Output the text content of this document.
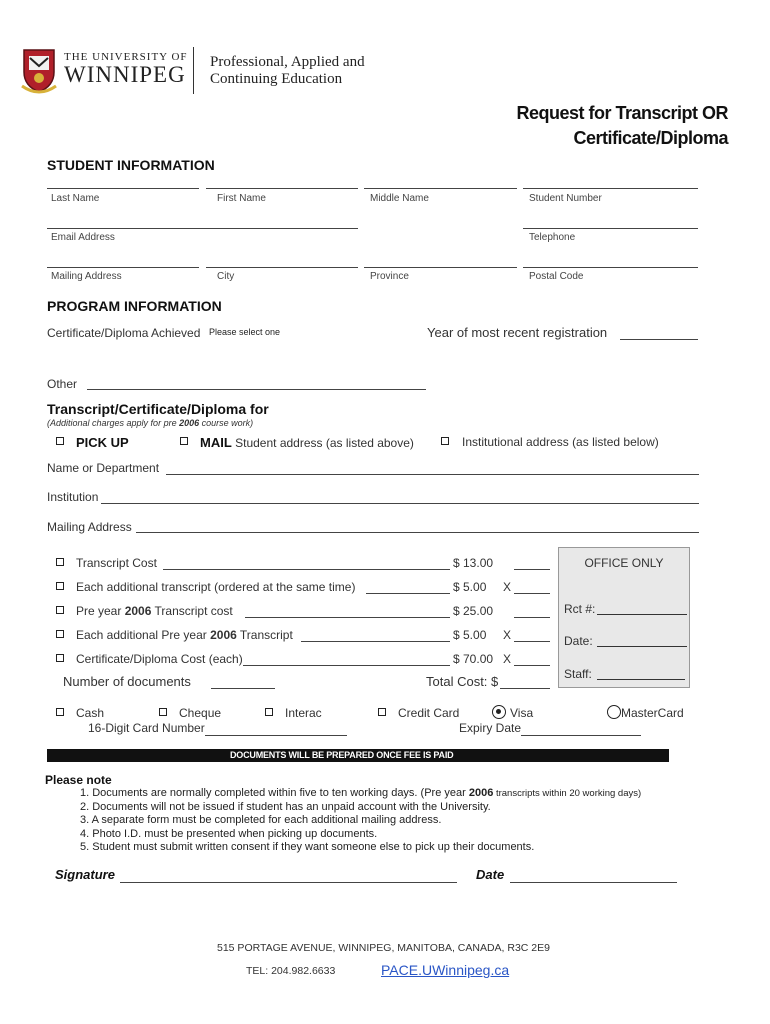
THE UNIVERSITY OF
WINNIPEG Professional, Applied and
Continuing Education
Request for Transcript OR
Certificate/Diploma
STUDENT INFORMATION
Last Name	First Name	Middle Name	Student Number
Email Address	Telephone
Mailing Address	City	Province	Postal Code
PROGRAM INFORMATION
Certificate/Diploma Achieved Please select one	Year of most recent registration
Other
Transcript/Certificate/Diploma for
(Additional charges apply for pre 2006 course work)
PICK UP	MAIL Student address (as listed above)	Institutional address (as listed below)
Name or Department
Institution
Mailing Address
Transcript Cost	$ 13.00
Each additional transcript (ordered at the same time)	$ 5.00 X
Pre year 2006 Transcript cost	$ 25.00
Each additional Pre year 2006 Transcript	$ 5.00 X
Certificate/Diploma Cost (each)	$ 70.00 X
Number of documents	Total Cost: $
OFFICE ONLY
Rct #:
Date:
Staff:
Cash	Cheque	Interac	Credit Card	Visa	MasterCard
16-Digit Card Number	Expiry Date
DOCUMENTS WILL BE PREPARED ONCE FEE IS PAID
Please note
1. Documents are normally completed within five to ten working days. (Pre year 2006 transcripts within 20 working days)
2. Documents will not be issued if student has an unpaid account with the University.
3. A separate form must be completed for each additional mailing address.
4. Photo I.D. must be presented when picking up documents.
5. Student must submit written consent if they want someone else to pick up their documents.
Signature	Date
515 PORTAGE AVENUE, WINNIPEG, MANITOBA, CANADA, R3C 2E9
TEL: 204.982.6633	PACE.UWinnipeg.ca
